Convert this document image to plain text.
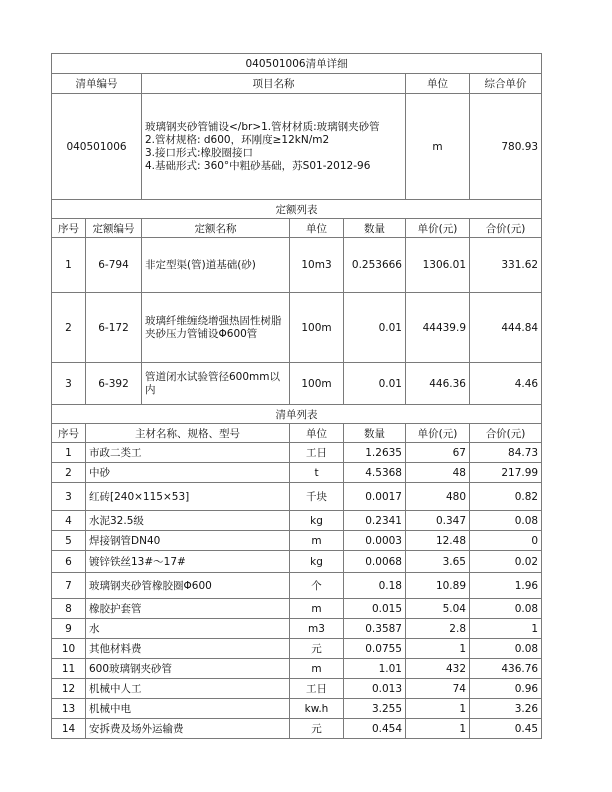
040501006清单详细						
清单编号		项目名称			单位	综合单价
040501006		玻璃钢夹砂管铺设</br>1.管材材质:玻璃钢夹砂管
2.管材规格: d600，环刚度≥12kN/m2
3.接口形式:橡胶圈接口
4.基础形式: 360°中粗砂基础，苏S01-2012-96			m	780.93
定额列表						
序号	定额编号	定额名称	单位	数量	单价(元)	合价(元)
1	6-794	非定型渠(管)道基础(砂)	10m3	0.253666	1306.01	331.62
2	6-172	玻璃纤维缠绕增强热固性树脂夹砂压力管铺设Φ600管	100m	0.01	44439.9	444.84
3	6-392	管道闭水试验管径600mm以内	100m	0.01	446.36	4.46
清单列表						
序号	主材名称、规格、型号		单位	数量	单价(元)	合价(元)
1	市政二类工		工日	1.2635	67	84.73
2	中砂		t	4.5368	48	217.99
3	红砖[240×115×53]		千块	0.0017	480	0.82
4	水泥32.5级		kg	0.2341	0.347	0.08
5	焊接钢管DN40		m	0.0003	12.48	0
6	镀锌铁丝13#～17#		kg	0.0068	3.65	0.02
7	玻璃钢夹砂管橡胶圈Φ600		个	0.18	10.89	1.96
8	橡胶护套管		m	0.015	5.04	0.08
9	水		m3	0.3587	2.8	1
10	其他材料费		元	0.0755	1	0.08
11	600玻璃钢夹砂管		m	1.01	432	436.76
12	机械中人工		工日	0.013	74	0.96
13	机械中电		kw.h	3.255	1	3.26
14	安拆费及场外运输费		元	0.454	1	0.45
